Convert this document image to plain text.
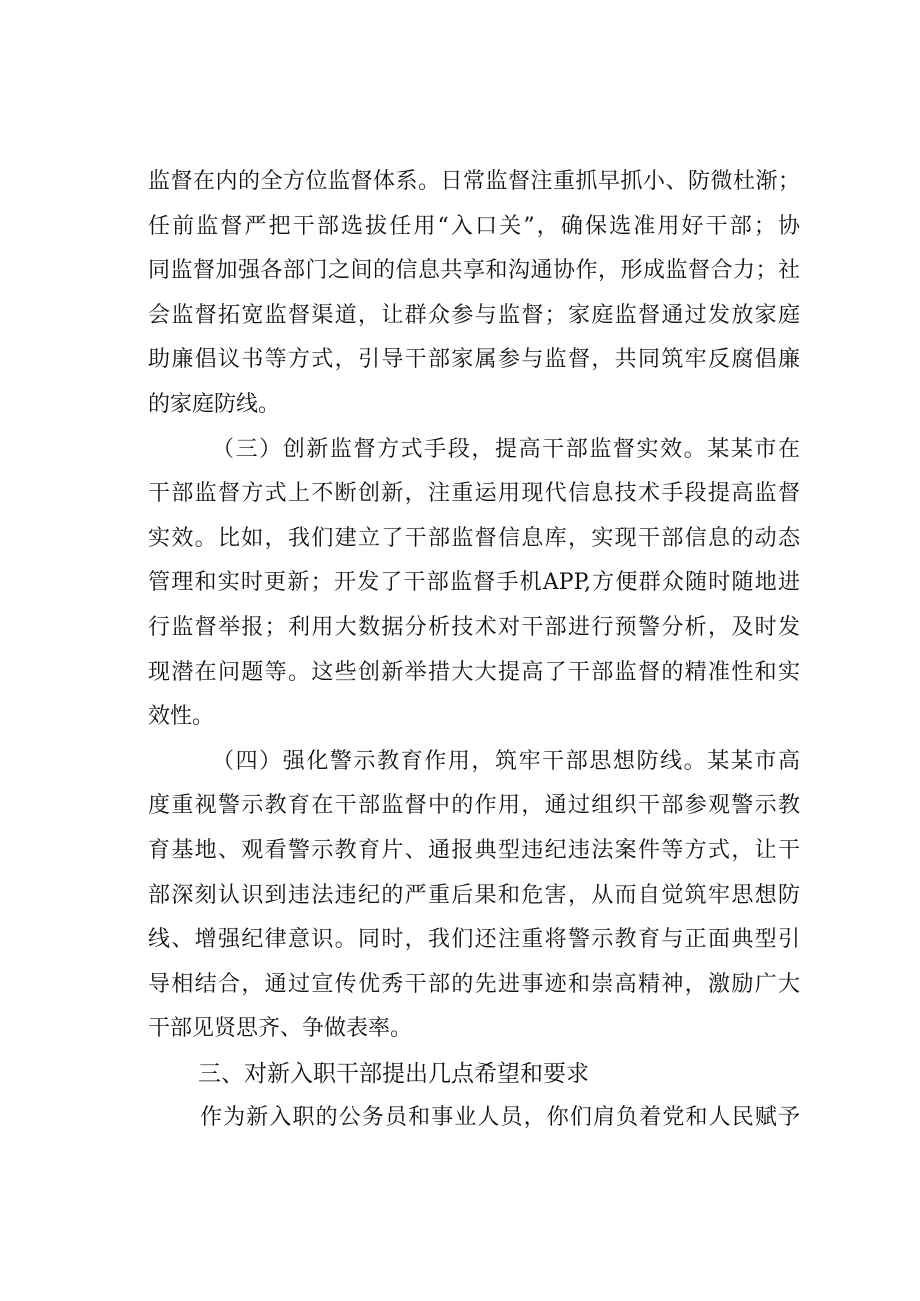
监督在内的全方位监督体系。日常监督注重抓早抓小、防微杜渐；
任前监督严把干部选拔任用“入口关”，确保选准用好干部；协
同监督加强各部门之间的信息共享和沟通协作，形成监督合力；社
会监督拓宽监督渠道，让群众参与监督；家庭监督通过发放家庭
助廉倡议书等方式，引导干部家属参与监督，共同筑牢反腐倡廉
的家庭防线。
（三）创新监督方式手段，提高干部监督实效。某某市在
干部监督方式上不断创新，注重运用现代信息技术手段提高监督
实效。比如，我们建立了干部监督信息库，实现干部信息的动态
管理和实时更新；开发了干部监督手机APP,方便群众随时随地进
行监督举报；利用大数据分析技术对干部进行预警分析，及时发
现潜在问题等。这些创新举措大大提高了干部监督的精准性和实
效性。
（四）强化警示教育作用，筑牢干部思想防线。某某市高
度重视警示教育在干部监督中的作用，通过组织干部参观警示教
育基地、观看警示教育片、通报典型违纪违法案件等方式，让干
部深刻认识到违法违纪的严重后果和危害，从而自觉筑牢思想防
线、增强纪律意识。同时，我们还注重将警示教育与正面典型引
导相结合，通过宣传优秀干部的先进事迹和崇高精神，激励广大
干部见贤思齐、争做表率。
三、对新入职干部提出几点希望和要求
作为新入职的公务员和事业人员，你们肩负着党和人民赋予
